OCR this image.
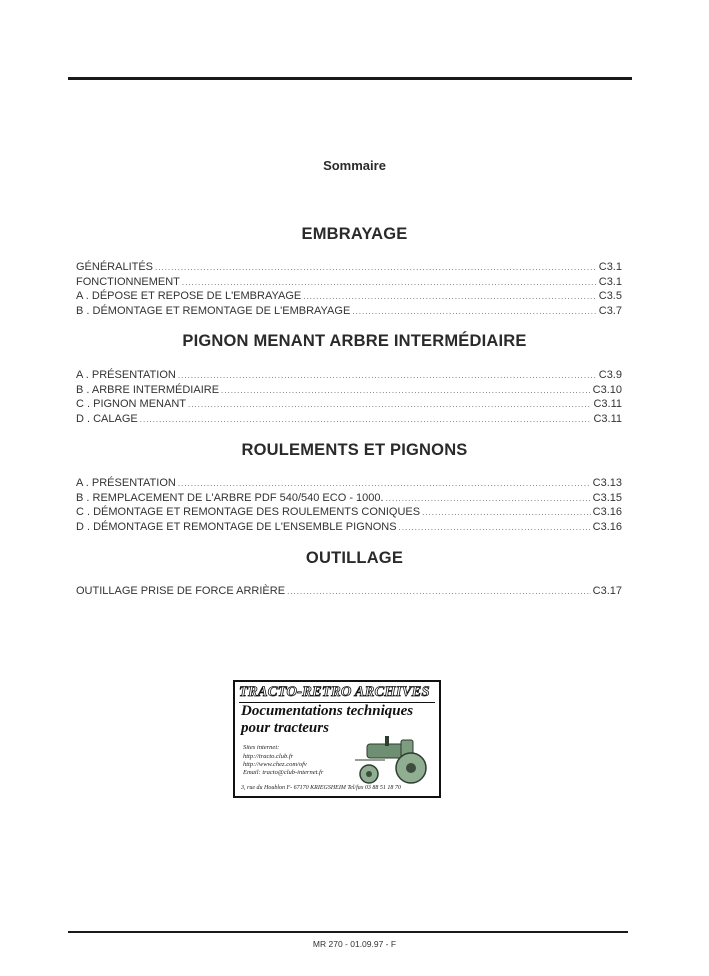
Sommaire
EMBRAYAGE
GÉNÉRALITÉS .....	C3.1
FONCTIONNEMENT .....	C3.1
A . DÉPOSE ET REPOSE DE L'EMBRAYAGE .....	C3.5
B . DÉMONTAGE ET REMONTAGE DE L'EMBRAYAGE .....	C3.7
PIGNON MENANT ARBRE INTERMÉDIAIRE
A . PRÉSENTATION .....	C3.9
B . ARBRE INTERMÉDIAIRE .....	C3.10
C . PIGNON MENANT .....	C3.11
D . CALAGE .....	C3.11
ROULEMENTS ET PIGNONS
A . PRÉSENTATION .....	C3.13
B . REMPLACEMENT DE L'ARBRE PDF 540/540 ECO - 1000. .....	C3.15
C . DÉMONTAGE ET REMONTAGE DES ROULEMENTS CONIQUES .....	C3.16
D . DÉMONTAGE ET REMONTAGE DE L'ENSEMBLE PIGNONS .....	C3.16
OUTILLAGE
OUTILLAGE PRISE DE FORCE ARRIÈRE .....	C3.17
TRACTO-RETRO ARCHIVES
Documentations techniques
pour tracteurs
Sites internet:
http://tracto.club.fr
http://www.chez.com/ofv
Email: tracto@club-internet.fr
3, rue du Houblon F- 67170 KRIEGSHEIM Tel/fax 03 88 51 18 70
MR 270 - 01.09.97 - F
